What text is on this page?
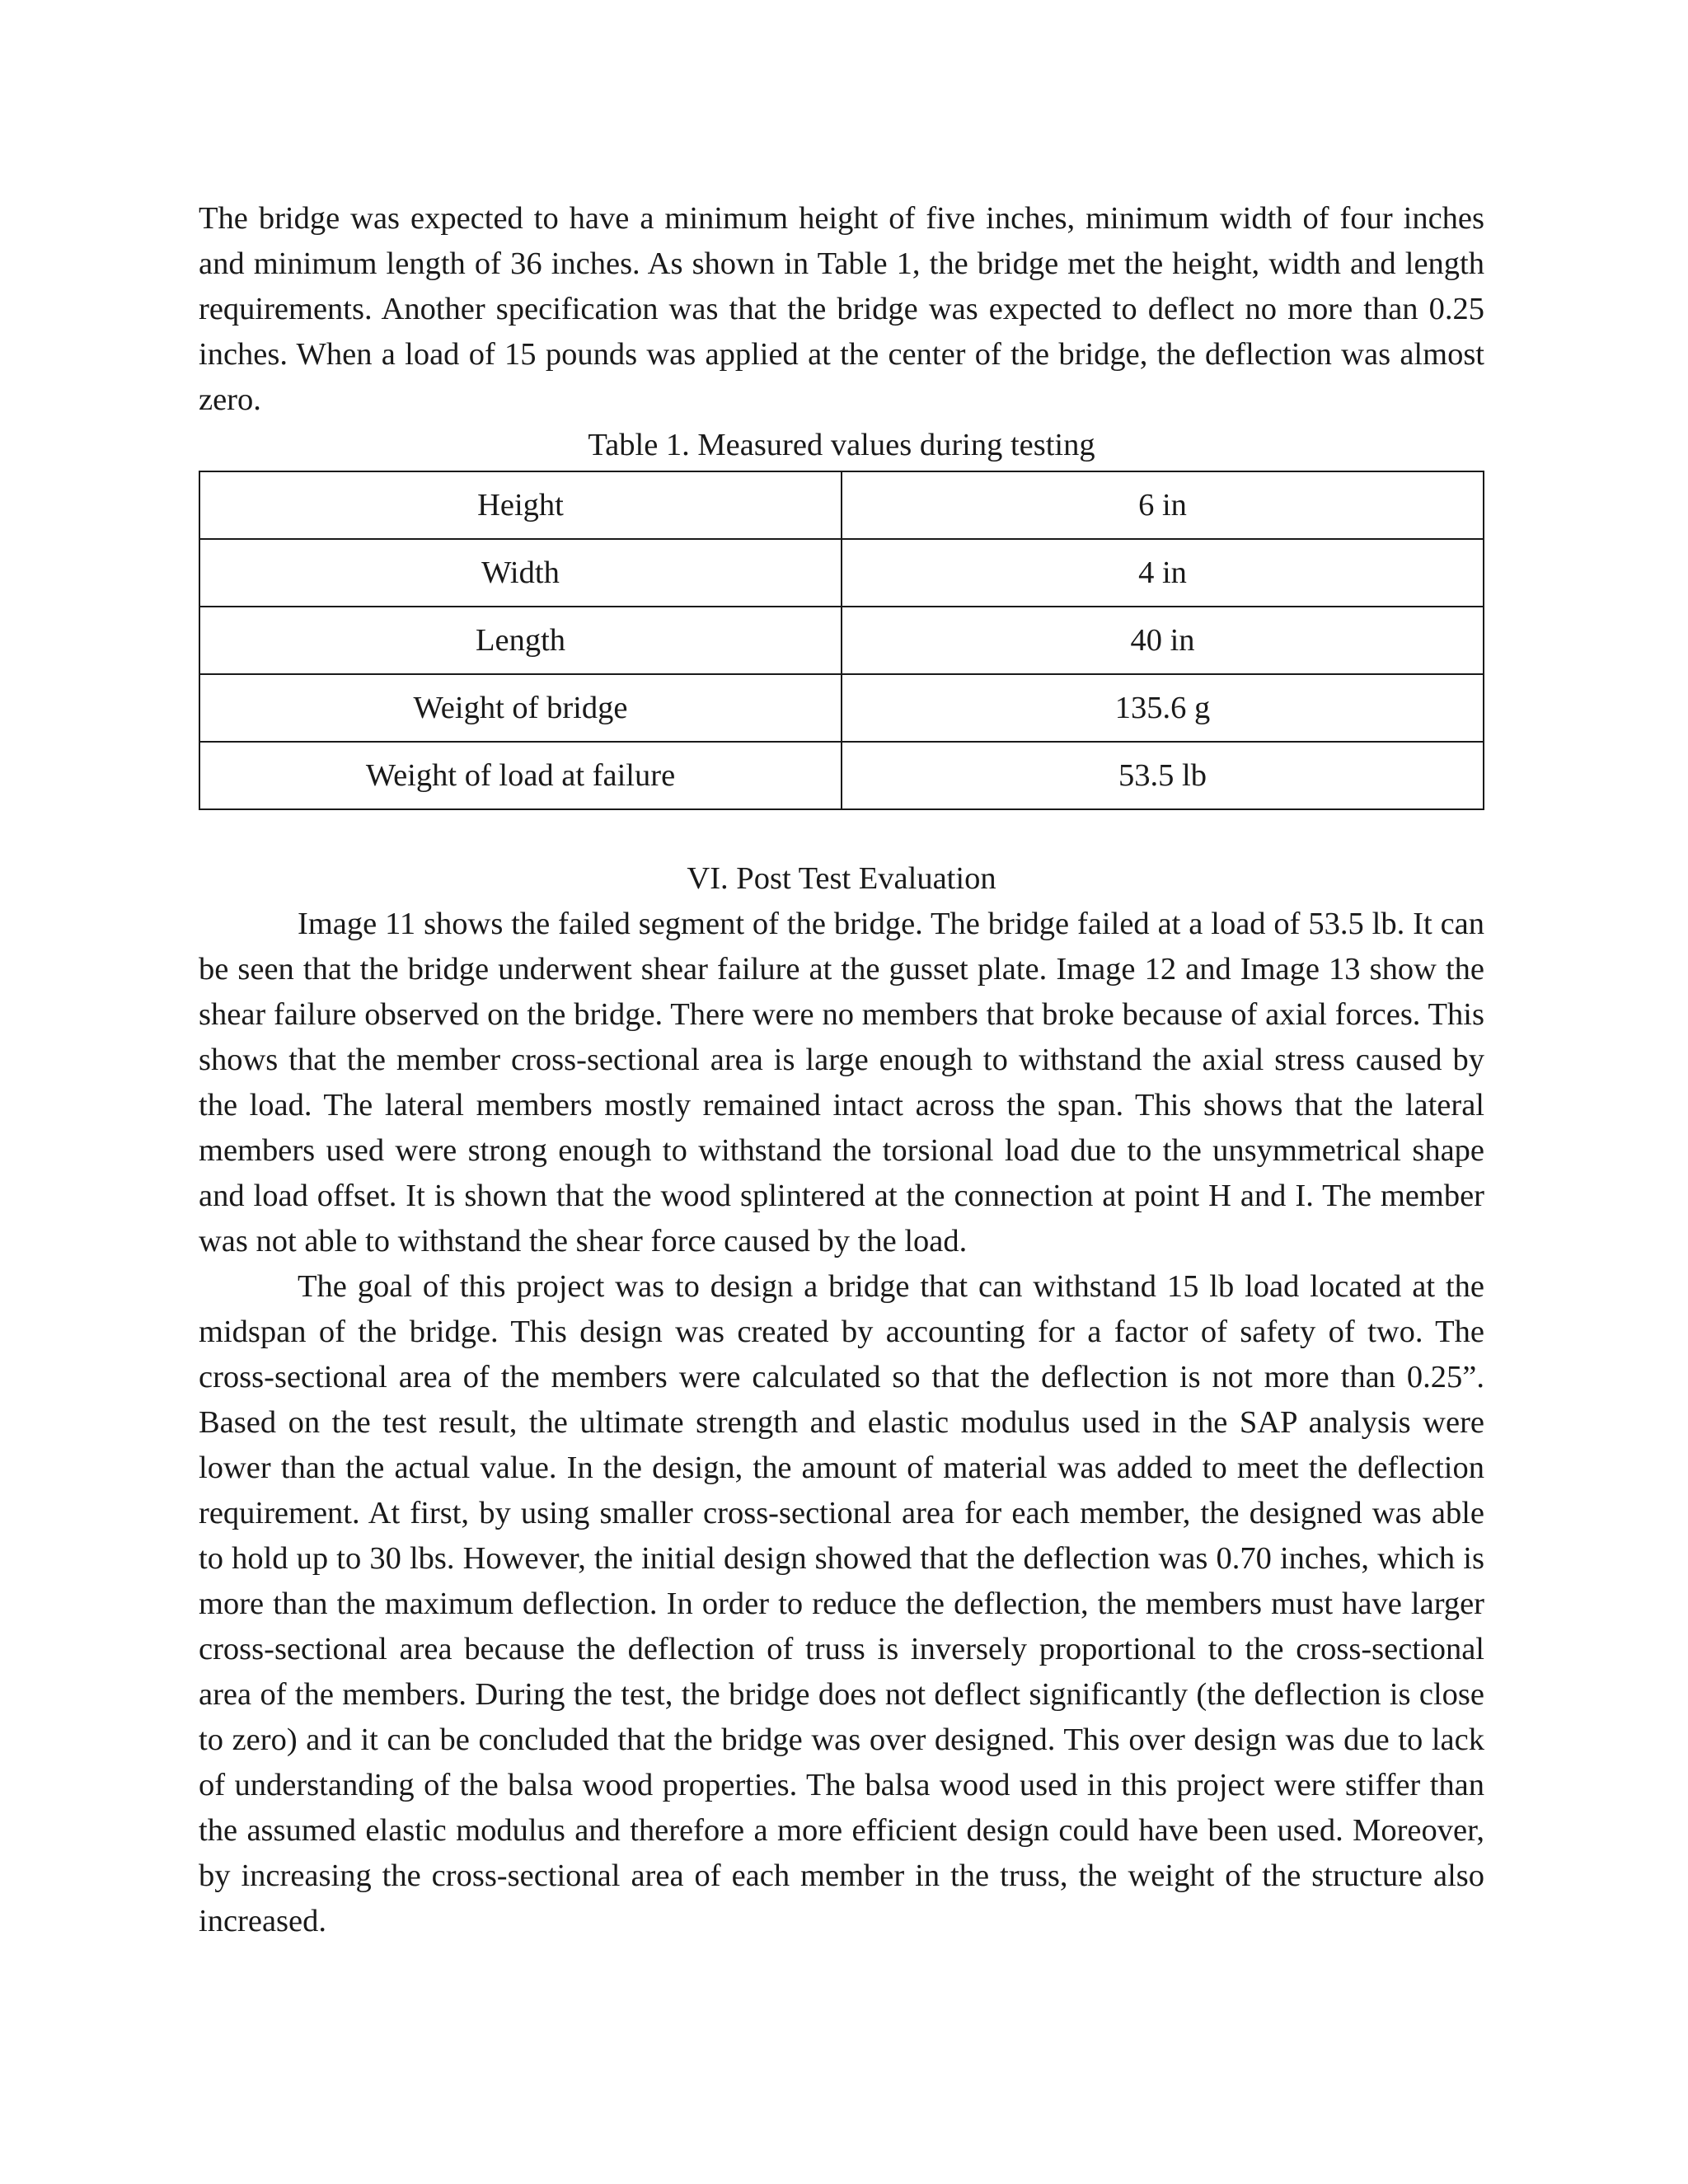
The bridge was expected to have a minimum height of five inches, minimum width of four inches and minimum length of 36 inches. As shown in Table 1, the bridge met the height, width and length requirements. Another specification was that the bridge was expected to deflect no more than 0.25 inches. When a load of 15 pounds was applied at the center of the bridge, the deflection was almost zero.

Table 1. Measured values during testing

Height	6 in
Width	4 in
Length	40 in
Weight of bridge	135.6 g
Weight of load at failure	53.5 lb
VI. Post Test Evaluation

Image 11 shows the failed segment of the bridge. The bridge failed at a load of 53.5 lb. It can be seen that the bridge underwent shear failure at the gusset plate. Image 12 and Image 13 show the shear failure observed on the bridge. There were no members that broke because of axial forces. This shows that the member cross-sectional area is large enough to withstand the axial stress caused by the load. The lateral members mostly remained intact across the span. This shows that the lateral members used were strong enough to withstand the torsional load due to the unsymmetrical shape and load offset. It is shown that the wood splintered at the connection at point H and I. The member was not able to withstand the shear force caused by the load.

The goal of this project was to design a bridge that can withstand 15 lb load located at the midspan of the bridge. This design was created by accounting for a factor of safety of two. The cross-sectional area of the members were calculated so that the deflection is not more than 0.25”. Based on the test result, the ultimate strength and elastic modulus used in the SAP analysis were lower than the actual value. In the design, the amount of material was added to meet the deflection requirement. At first, by using smaller cross-sectional area for each member, the designed was able to hold up to 30 lbs. However, the initial design showed that the deflection was 0.70 inches, which is more than the maximum deflection. In order to reduce the deflection, the members must have larger cross-sectional area because the deflection of truss is inversely proportional to the cross-sectional area of the members. During the test, the bridge does not deflect significantly (the deflection is close to zero) and it can be concluded that the bridge was over designed. This over design was due to lack of understanding of the balsa wood properties. The balsa wood used in this project were stiffer than the assumed elastic modulus and therefore a more efficient design could have been used. Moreover, by increasing the cross-sectional area of each member in the truss, the weight of the structure also increased.
